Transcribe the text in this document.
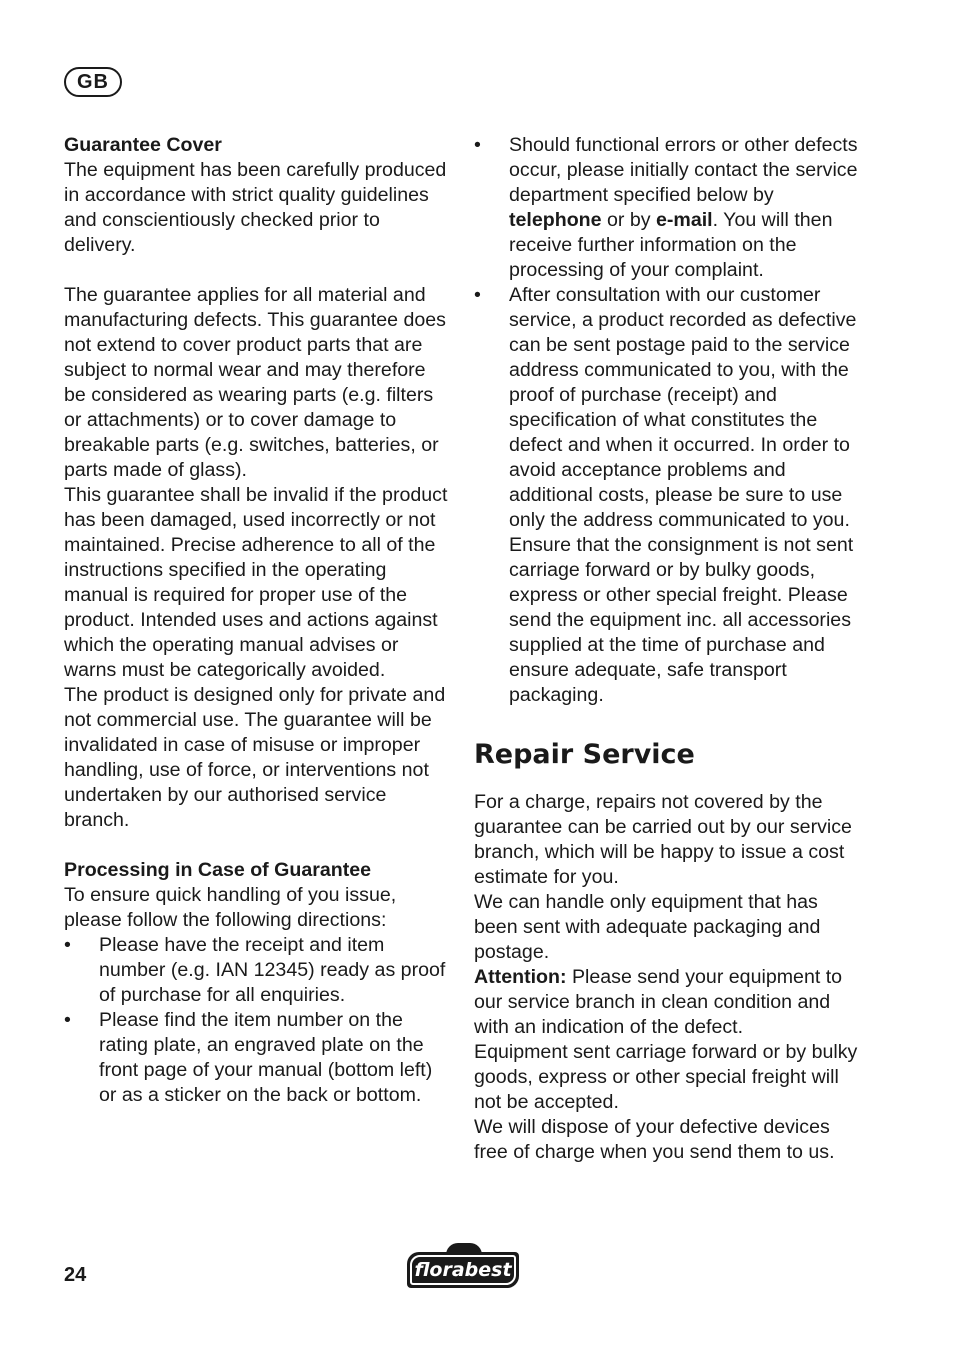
GB

Guarantee Cover

The equipment has been carefully produced in accordance with strict quality guidelines and conscientiously checked prior to delivery.

The guarantee applies for all material and manufacturing defects. This guarantee does not extend to cover product parts that are subject to normal wear and may therefore be considered as wearing parts (e.g. filters or attachments) or to cover damage to breakable parts (e.g. switches, batteries, or parts made of glass).

This guarantee shall be invalid if the product has been damaged, used incorrectly or not maintained. Precise adherence to all of the instructions specified in the operating manual is required for proper use of the product. Intended uses and actions against which the operating manual advises or warns must be categorically avoided.

The product is designed only for private and not commercial use. The guarantee will be invalidated in case of misuse or improper handling, use of force, or interventions not undertaken by our authorised service branch.

Processing in Case of Guarantee

To ensure quick handling of you issue, please follow the following directions:

• Please have the receipt and item number (e.g. IAN 12345) ready as proof of purchase for all enquiries.
• Please find the item number on the rating plate, an engraved plate on the front page of your manual (bottom left) or as a sticker on the back or bottom.
• Should functional errors or other defects occur, please initially contact the service department specified below by telephone or by e-mail. You will then receive further information on the processing of your complaint.
• After consultation with our customer service, a product recorded as defective can be sent postage paid to the service address communicated to you, with the proof of purchase (receipt) and specification of what constitutes the defect and when it occurred. In order to avoid acceptance problems and additional costs, please be sure to use only the address communicated to you. Ensure that the consignment is not sent carriage forward or by bulky goods, express or other special freight. Please send the equipment inc. all accessories supplied at the time of purchase and ensure adequate, safe transport packaging.
Repair Service

For a charge, repairs not covered by the guarantee can be carried out by our service branch, which will be happy to issue a cost estimate for you.

We can handle only equipment that has been sent with adequate packaging and postage.

Attention: Please send your equipment to our service branch in clean condition and with an indication of the defect.

Equipment sent carriage forward or by bulky goods, express or other special freight will not be accepted.

We will dispose of your defective devices free of charge when you send them to us.

24	florabest
